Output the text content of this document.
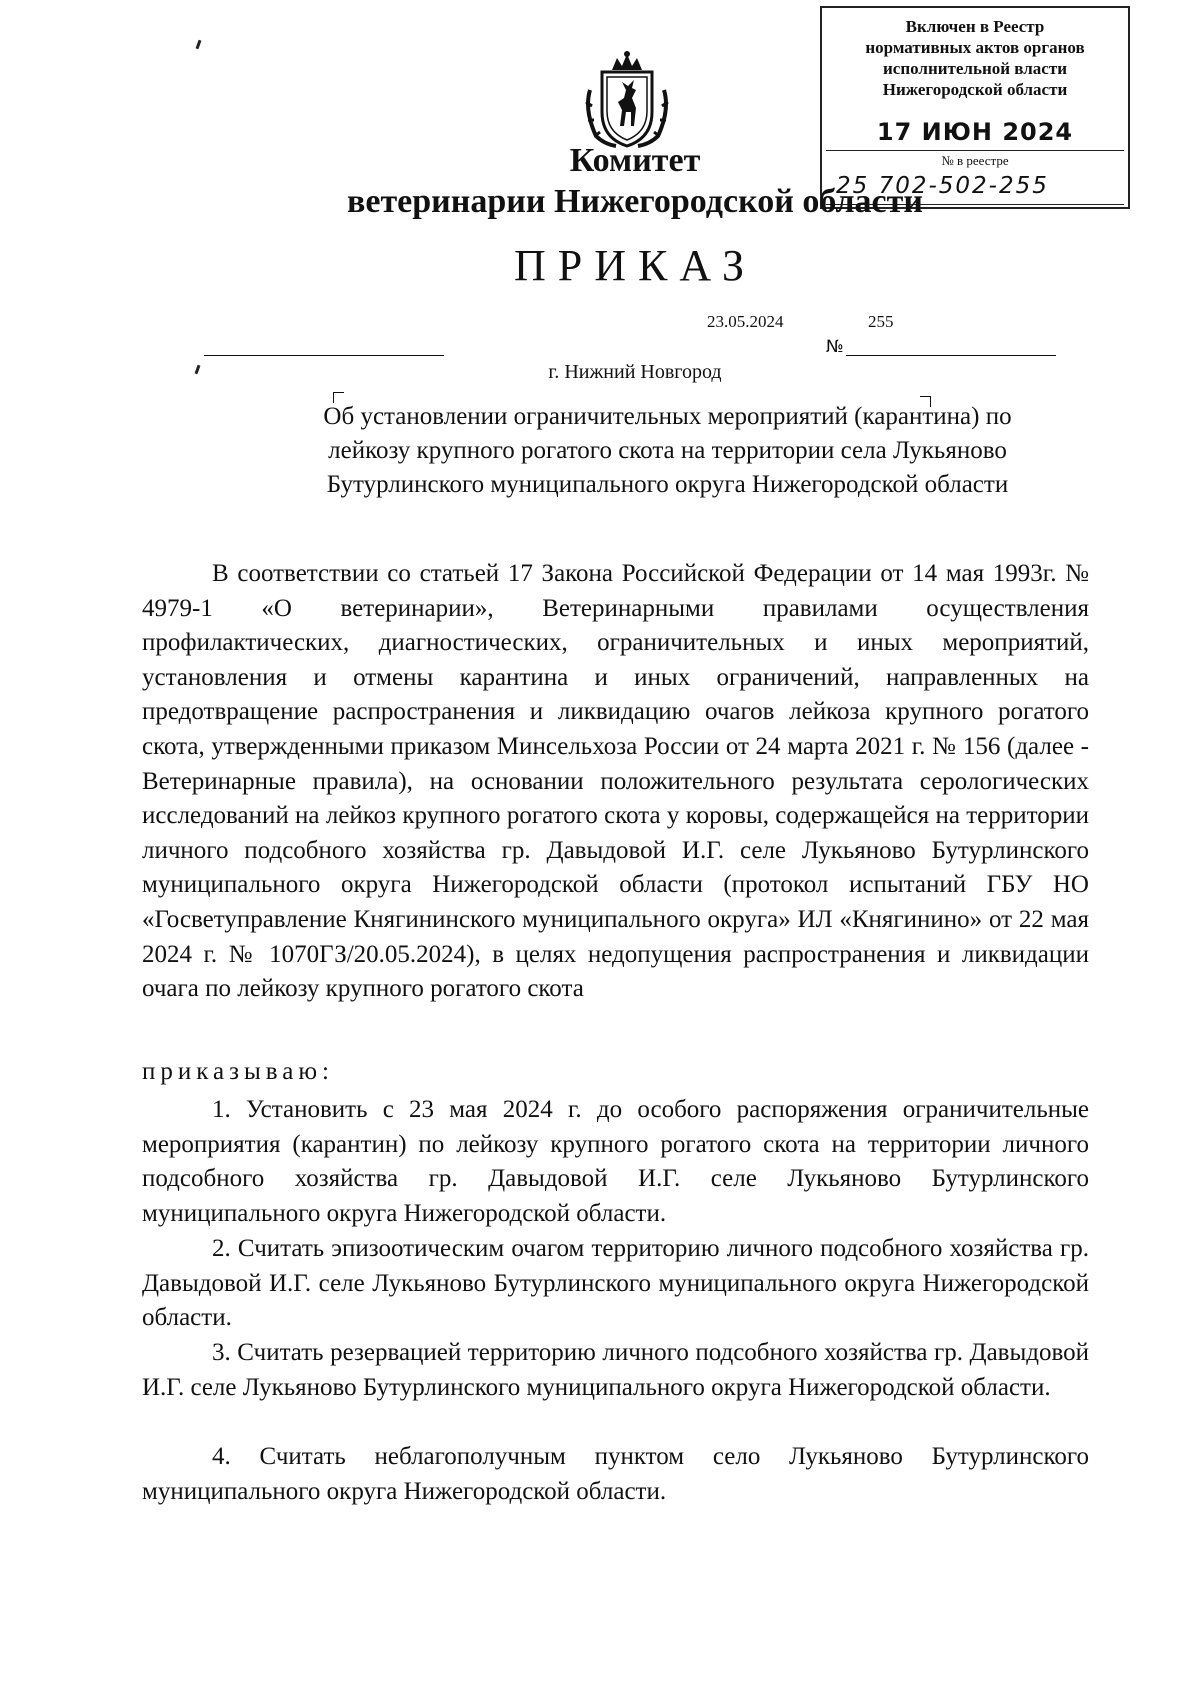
Включен в Реестр
нормативных актов органов
исполнительной власти
Нижегородской области
17 ИЮН 2024
№ в реестре
25 702-502-255
Комитет
ветеринарии Нижегородской области
ПРИКАЗ
23.05.2024	255
№
г. Нижний Новгород
Об установлении ограничительных мероприятий (карантина) по лейкозу крупного рогатого скота на территории села Лукьяново Бутурлинского муниципального округа Нижегородской области

В соответствии со статьей 17 Закона Российской Федерации от 14 мая 1993г. № 4979-1 «О ветеринарии», Ветеринарными правилами осуществления профилактических, диагностических, ограничительных и иных мероприятий, установления и отмены карантина и иных ограничений, направленных на предотвращение распространения и ликвидацию очагов лейкоза крупного рогатого скота, утвержденными приказом Минсельхоза России от 24 марта 2021 г. № 156 (далее - Ветеринарные правила), на основании положительного результата серологических исследований на лейкоз крупного рогатого скота у коровы, содержащейся на территории личного подсобного хозяйства гр. Давыдовой И.Г. селе Лукьяново Бутурлинского муниципального округа Нижегородской области (протокол испытаний ГБУ НО «Госветуправление Княгининского муниципального округа» ИЛ «Княгинино» от 22 мая 2024 г. № 1070ГЗ/20.05.2024), в целях недопущения распространения и ликвидации очага по лейкозу крупного рогатого скота

приказываю:

1. Установить с 23 мая 2024 г. до особого распоряжения ограничительные мероприятия (карантин) по лейкозу крупного рогатого скота на территории личного подсобного хозяйства гр. Давыдовой И.Г. селе Лукьяново Бутурлинского муниципального округа Нижегородской области.

2. Считать эпизоотическим очагом территорию личного подсобного хозяйства гр. Давыдовой И.Г. селе Лукьяново Бутурлинского муниципального округа Нижегородской области.

3. Считать резервацией территорию личного подсобного хозяйства гр. Давыдовой И.Г. селе Лукьяново Бутурлинского муниципального округа Нижегородской области.

4. Считать неблагополучным пунктом село Лукьяново Бутурлинского муниципального округа Нижегородской области.
